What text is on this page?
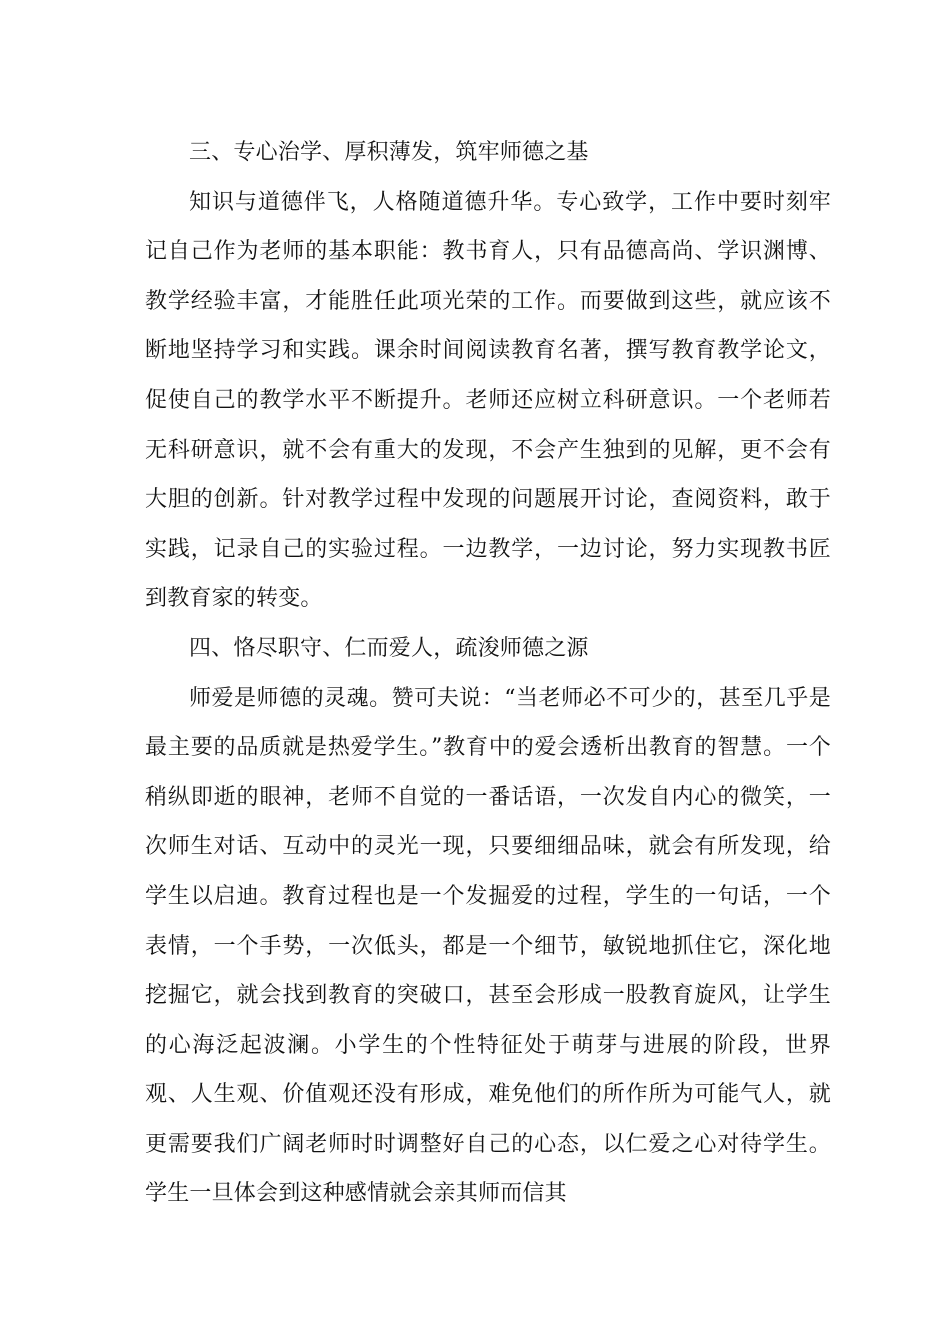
三、专心治学、厚积薄发，筑牢师德之基

知识与道德伴飞，人格随道德升华。专心致学，工作中要时刻牢记自己作为老师的基本职能：教书育人，只有品德高尚、学识渊博、教学经验丰富，才能胜任此项光荣的工作。而要做到这些，就应该不断地坚持学习和实践。课余时间阅读教育名著，撰写教育教学论文，促使自己的教学水平不断提升。老师还应树立科研意识。一个老师若无科研意识，就不会有重大的发现，不会产生独到的见解，更不会有大胆的创新。针对教学过程中发现的问题展开讨论，查阅资料，敢于实践，记录自己的实验过程。一边教学，一边讨论，努力实现教书匠到教育家的转变。

四、恪尽职守、仁而爱人，疏浚师德之源

师爱是师德的灵魂。赞可夫说：“当老师必不可少的，甚至几乎是最主要的品质就是热爱学生。”教育中的爱会透析出教育的智慧。一个稍纵即逝的眼神，老师不自觉的一番话语，一次发自内心的微笑，一次师生对话、互动中的灵光一现，只要细细品味，就会有所发现，给学生以启迪。教育过程也是一个发掘爱的过程，学生的一句话，一个表情，一个手势，一次低头，都是一个细节，敏锐地抓住它，深化地挖掘它，就会找到教育的突破口，甚至会形成一股教育旋风，让学生的心海泛起波澜。小学生的个性特征处于萌芽与进展的阶段，世界观、人生观、价值观还没有形成，难免他们的所作所为可能气人，就更需要我们广阔老师时时调整好自己的心态，以仁爱之心对待学生。学生一旦体会到这种感情就会亲其师而信其
